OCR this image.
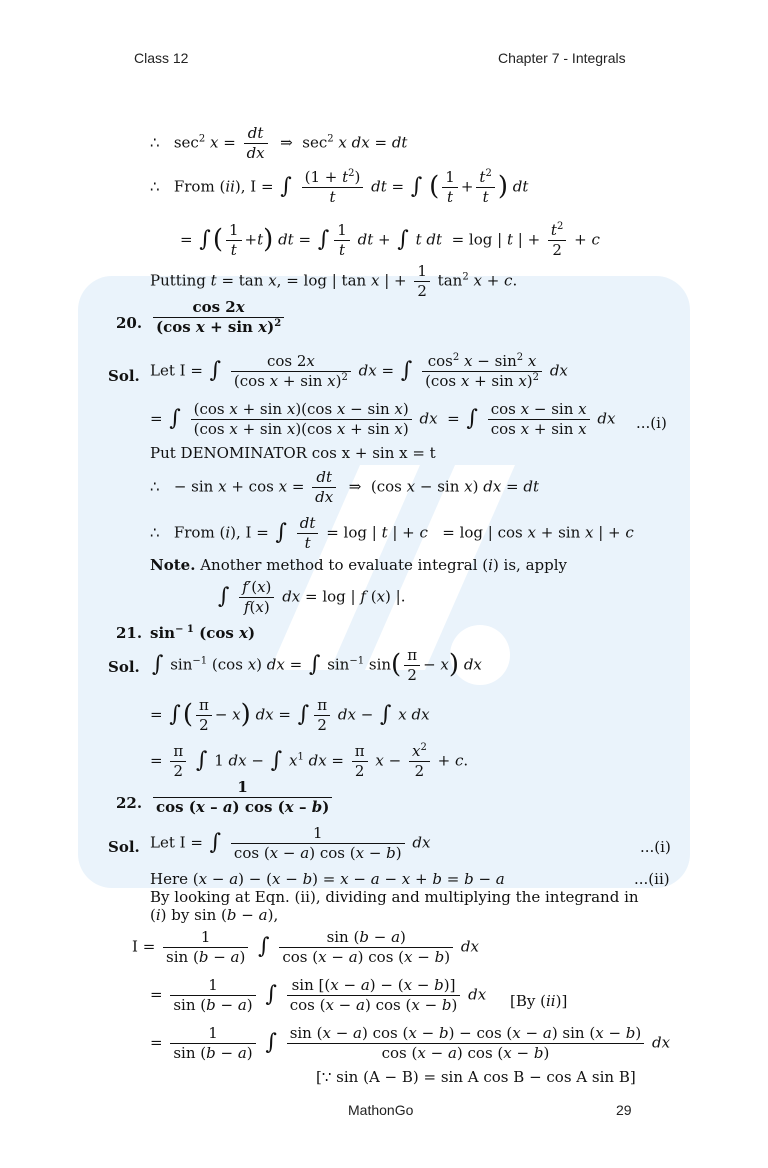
Class 12	Chapter 7 - Integrals
∴   $\sec^2 x = \frac{dt}{dx}$ ⇒  $\sec^2 x$ dx = dt
∴   From (ii), I = ∫ $\frac{(1 + t^2)}{t}$ dt = ∫ ( $\frac{1}{t} + \frac{t^2}{t}$ ) dt
= ∫( $\frac{1}{t} +t$) dt = ∫ $\frac{1}{t}$ dt + ∫ t dt  = log | t | + $\frac{t^2}{2} + c$
Putting t = tan x, = log | tan x | + $\frac{1}{2} \tan^2 x + c$.
20. $\frac{\cos 2x}{(\cos x + \sin x)^2}$
Sol. Let I = ∫ $\frac{\cos 2x}{(\cos x + \sin x)^2}$ dx = ∫ $\frac{\cos^2 x - \sin^2 x}{(\cos x + \sin x)^2}$ dx
= ∫ $\frac{\text{(cos x + sin x)(cos x − sin x)}}{\text{(cos x + sin x)(cos x + sin x)}}$ dx  = ∫ $\frac{\text{cos x − sin x}}{\text{cos x + sin x}}$ dx ...(i)
Put DENOMINATOR cos x + sin x = t
∴   − $\sin x + \cos x = \frac{dt}{dx}$ ⇒  (cos x − sin x) dx = dt
∴   From (i), I = ∫ $\frac{dt}{t} = \log$ | t | + c   = log | cos x + sin x | + c
Note. Another method to evaluate integral (i) is, apply
∫ $\frac{f'(x)}{f(x)}$ dx = log | f (x) |.
21. $\sin^{- 1} (\cos$ x)
Sol. ∫ $\sin^{-1} (\cos$ x) dx = ∫ $\sin^{-1} \sin( \frac{\pi}{2} - x)$ dx
= ∫( $\frac{\pi}{2} - x$) dx = ∫ $\frac{\pi}{2}$ dx − ∫ x dx
= $\frac{\pi}{2}$ ∫ 1 dx − ∫ $x^1$ dx = $\frac{\pi}{2}$ $x - \frac{x^2}{2} + c$.
22. $\frac{1}{\cos (x - a) \cos (x - b)}$
Sol. Let I = ∫ $\frac{1}{\cos (x - a) \cos (x - b)}$ dx	...(i)
Here (x − a) − (x − b) = x − a − x + b = b − a	...(ii)
By looking at Eqn. (ii), dividing and multiplying the integrand in
(i) by sin (b − a),
$I = \frac{1}{\sin (b - a)}$ ∫ $\frac{\sin (b - a)}{\cos (x - a) \cos (x - b)}$ dx
= $\frac{1}{\sin (b - a)}$ ∫ $\frac{\sin [(x - a) - (x - b)]}{\cos (x - a) \cos (x - b)}$ dx [By (ii)]
= $\frac{1}{\sin (b - a)}$ ∫ $\frac{\sin (x - a) \cos (x - b) - \cos (x - a) \sin (x - b)}{\cos (x - a) \cos (x - b)}$ dx
[∵ sin (A − B) = sin A cos B − cos A sin B]
MathonGo	29
